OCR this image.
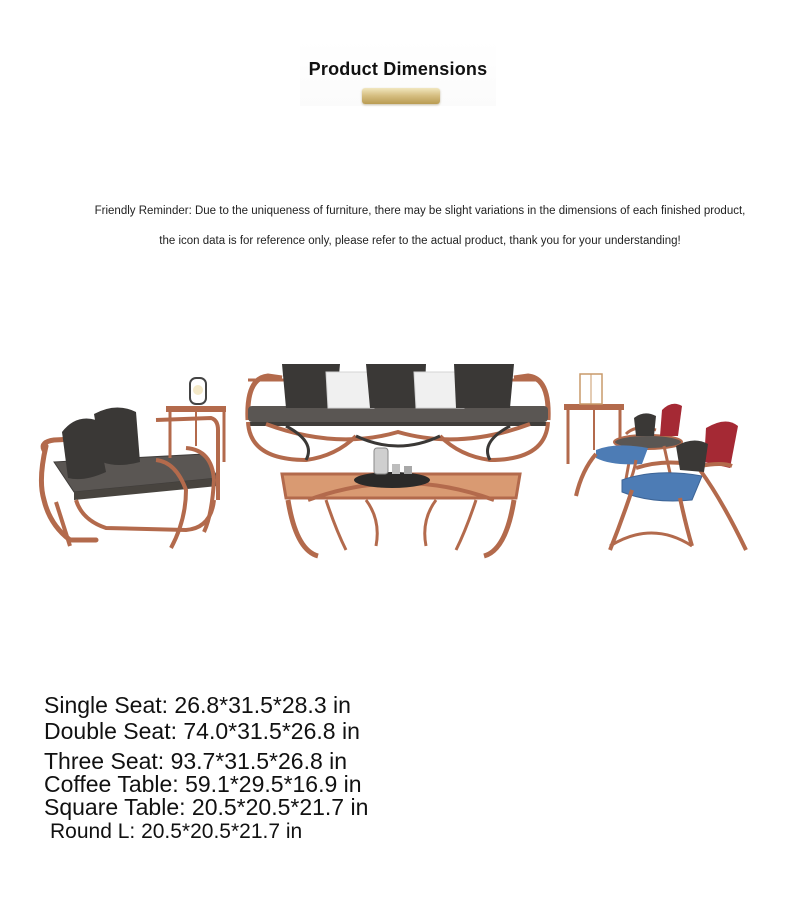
Product Dimensions
Friendly Reminder: Due to the uniqueness of furniture, there may be slight variations in the dimensions of each finished product,
the icon data is for reference only, please refer to the actual product, thank you for your understanding!
Single Seat: 26.8*31.5*28.3 in
Double Seat: 74.0*31.5*26.8 in
Three Seat: 93.7*31.5*26.8 in Coffee Table: 59.1*29.5*16.9 in Square Table: 20.5*20.5*21.7 in
Round L: 20.5*20.5*21.7 in
